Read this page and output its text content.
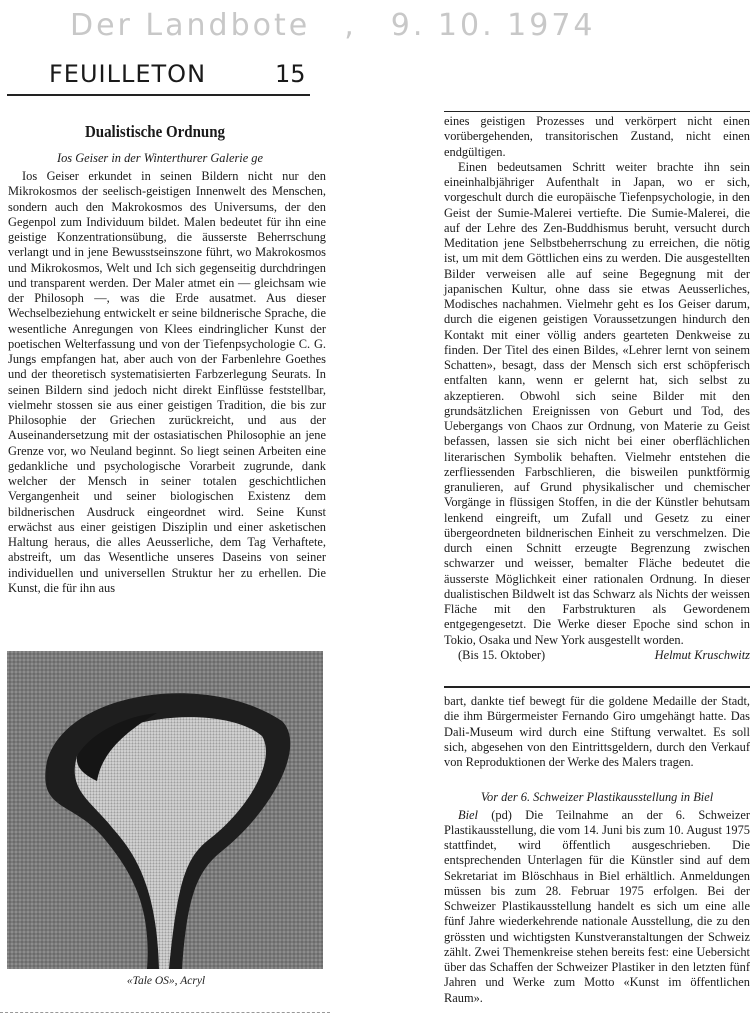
Der Landbote , 9. 10. 1974
FEUILLETON	15
Dualistische Ordnung
Ios Geiser in der Winterthurer Galerie ge

Ios Geiser erkundet in seinen Bildern nicht nur den Mikrokosmos der seelisch-geistigen Innenwelt des Menschen, sondern auch den Makrokosmos des Universums, der den Gegenpol zum Individuum bildet. Malen bedeutet für ihn eine geistige Konzentrationsübung, die äusserste Beherrschung verlangt und in jene Bewusstseinszone führt, wo Makrokosmos und Mikrokosmos, Welt und Ich sich gegenseitig durchdringen und transparent werden. Der Maler atmet ein — gleichsam wie der Philosoph —, was die Erde ausatmet. Aus dieser Wechselbeziehung entwickelt er seine bildnerische Sprache, die wesentliche Anregungen von Klees eindringlicher Kunst der poetischen Welterfassung und von der Tiefenpsychologie C. G. Jungs empfangen hat, aber auch von der Farbenlehre Goethes und der theoretisch systematisierten Farbzerlegung Seurats. In seinen Bildern sind jedoch nicht direkt Einflüsse feststellbar, vielmehr stossen sie aus einer geistigen Tradition, die bis zur Philosophie der Griechen zurückreicht, und aus der Auseinandersetzung mit der ostasiatischen Philosophie an jene Grenze vor, wo Neuland beginnt. So liegt seinen Arbeiten eine gedankliche und psychologische Vorarbeit zugrunde, dank welcher der Mensch in seiner totalen geschichtlichen Vergangenheit und seiner biologischen Existenz dem bildnerischen Ausdruck eingeordnet wird. Seine Kunst erwächst aus einer geistigen Disziplin und einer asketischen Haltung heraus, die alles Aeusserliche, dem Tag Verhaftete, abstreift, um das Wesentliche unseres Daseins von seiner individuellen und universellen Struktur her zu erhellen. Die Kunst, die für ihn aus

«Tale OS», Acryl

eines geistigen Prozesses und verkörpert nicht einen vorübergehenden, transitorischen Zustand, nicht einen endgültigen.

Einen bedeutsamen Schritt weiter brachte ihn sein eineinhalbjähriger Aufenthalt in Japan, wo er sich, vorgeschult durch die europäische Tiefenpsychologie, in den Geist der Sumie-Malerei vertiefte. Die Sumie-Malerei, die auf der Lehre des Zen-Buddhismus beruht, versucht durch Meditation jene Selbstbeherrschung zu erreichen, die nötig ist, um mit dem Göttlichen eins zu werden. Die ausgestellten Bilder verweisen alle auf seine Begegnung mit der japanischen Kultur, ohne dass sie etwas Aeusserliches, Modisches nachahmen. Vielmehr geht es Ios Geiser darum, durch die eigenen geistigen Voraussetzungen hindurch den Kontakt mit einer völlig anders gearteten Denkweise zu finden. Der Titel des einen Bildes, «Lehrer lernt von seinem Schatten», besagt, dass der Mensch sich erst schöpferisch entfalten kann, wenn er gelernt hat, sich selbst zu akzeptieren. Obwohl sich seine Bilder mit den grundsätzlichen Ereignissen von Geburt und Tod, des Uebergangs von Chaos zur Ordnung, von Materie zu Geist befassen, lassen sie sich nicht bei einer oberflächlichen literarischen Symbolik behaften. Vielmehr entstehen die zerfliessenden Farbschlieren, die bisweilen punktförmig granulieren, auf Grund physikalischer und chemischer Vorgänge in flüssigen Stoffen, in die der Künstler behutsam lenkend eingreift, um Zufall und Gesetz zu einer übergeordneten bildnerischen Einheit zu verschmelzen. Die durch einen Schnitt erzeugte Begrenzung zwischen schwarzer und weisser, bemalter Fläche bedeutet die äusserste Möglichkeit einer rationalen Ordnung. In dieser dualistischen Bildwelt ist das Schwarz als Nichts der weissen Fläche mit den Farbstrukturen als Gewordenem entgegengesetzt. Die Werke dieser Epoche sind schon in Tokio, Osaka und New York ausgestellt worden.

(Bis 15. Oktober)	Helmut Kruschwitz

bart, dankte tief bewegt für die goldene Medaille der Stadt, die ihm Bürgermeister Fernando Giro umgehängt hatte. Das Dali-Museum wird durch eine Stiftung verwaltet. Es soll sich, abgesehen von den Eintrittsgeldern, durch den Verkauf von Reproduktionen der Werke des Malers tragen.

Vor der 6. Schweizer Plastikausstellung in Biel

Biel (pd) Die Teilnahme an der 6. Schweizer Plastikausstellung, die vom 14. Juni bis zum 10. August 1975 stattfindet, wird öffentlich ausgeschrieben. Die entsprechenden Unterlagen für die Künstler sind auf dem Sekretariat im Blöschhaus in Biel erhältlich. Anmeldungen müssen bis zum 28. Februar 1975 erfolgen. Bei der Schweizer Plastikausstellung handelt es sich um eine alle fünf Jahre wiederkehrende nationale Ausstellung, die zu den grössten und wichtigsten Kunstveranstaltungen der Schweiz zählt. Zwei Themenkreise stehen bereits fest: eine Uebersicht über das Schaffen der Schweizer Plastiker in den letzten fünf Jahren und Werke zum Motto «Kunst im öffentlichen Raum».
